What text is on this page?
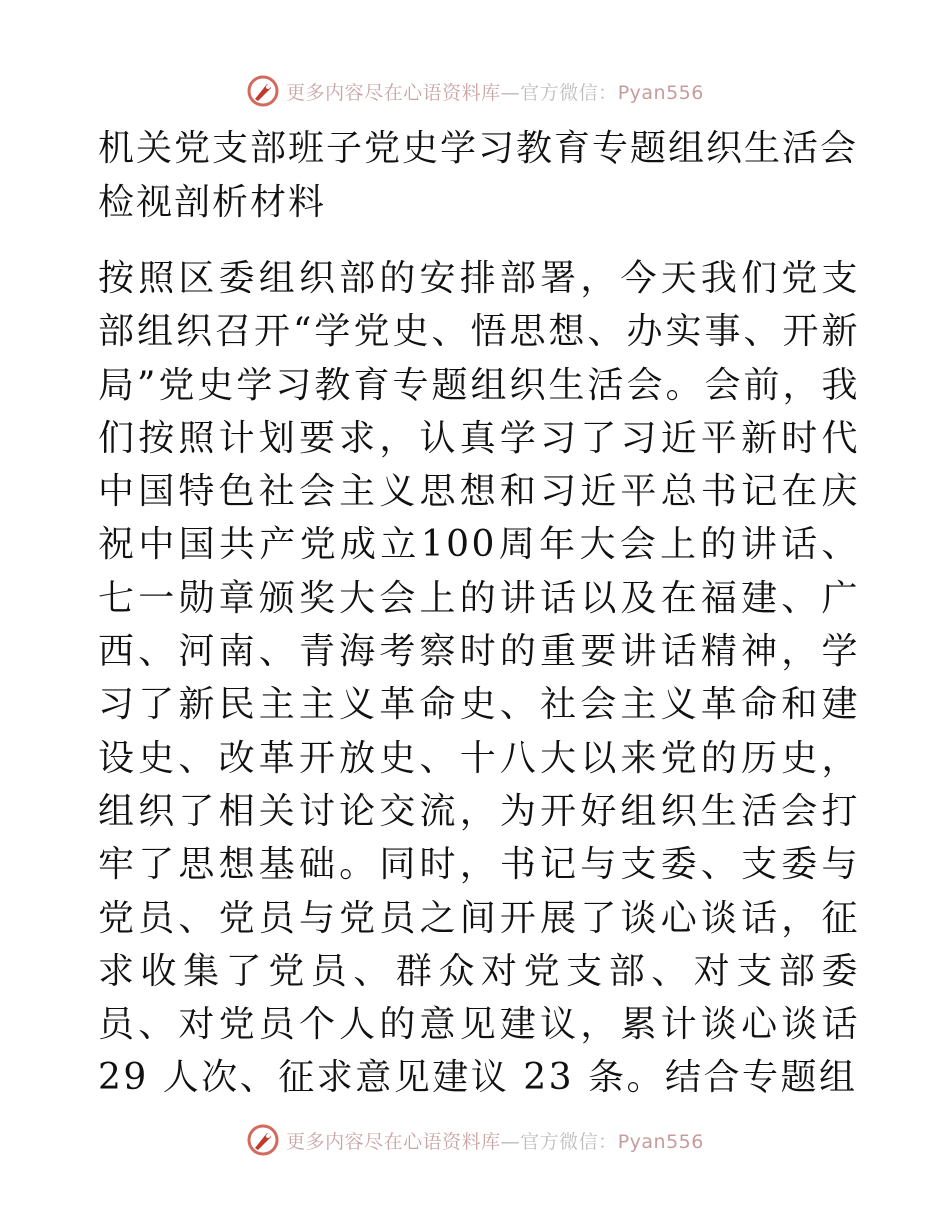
更多内容尽在心语资料库—官方微信：Pyan556
机关党支部班子党史学习教育专题组织生活会检视剖析材料

按照区委组织部的安排部署，今天我们党支部组织召开“学党史、悟思想、办实事、开新局”党史学习教育专题组织生活会。会前，我们按照计划要求，认真学习了习近平新时代中国特色社会主义思想和习近平总书记在庆祝中国共产党成立100周年大会上的讲话、七一勋章颁奖大会上的讲话以及在福建、广西、河南、青海考察时的重要讲话精神，学习了新民主主义革命史、社会主义革命和建设史、改革开放史、十八大以来党的历史，组织了相关讨论交流，为开好组织生活会打牢了思想基础。同时，书记与支委、支委与党员、党员与党员之间开展了谈心谈话，征求收集了党员、群众对党支部、对支部委员、对党员个人的意见建议，累计谈心谈话 29 人次、征求意见建议 23 条。结合专题组

更多内容尽在心语资料库—官方微信：Pyan556
